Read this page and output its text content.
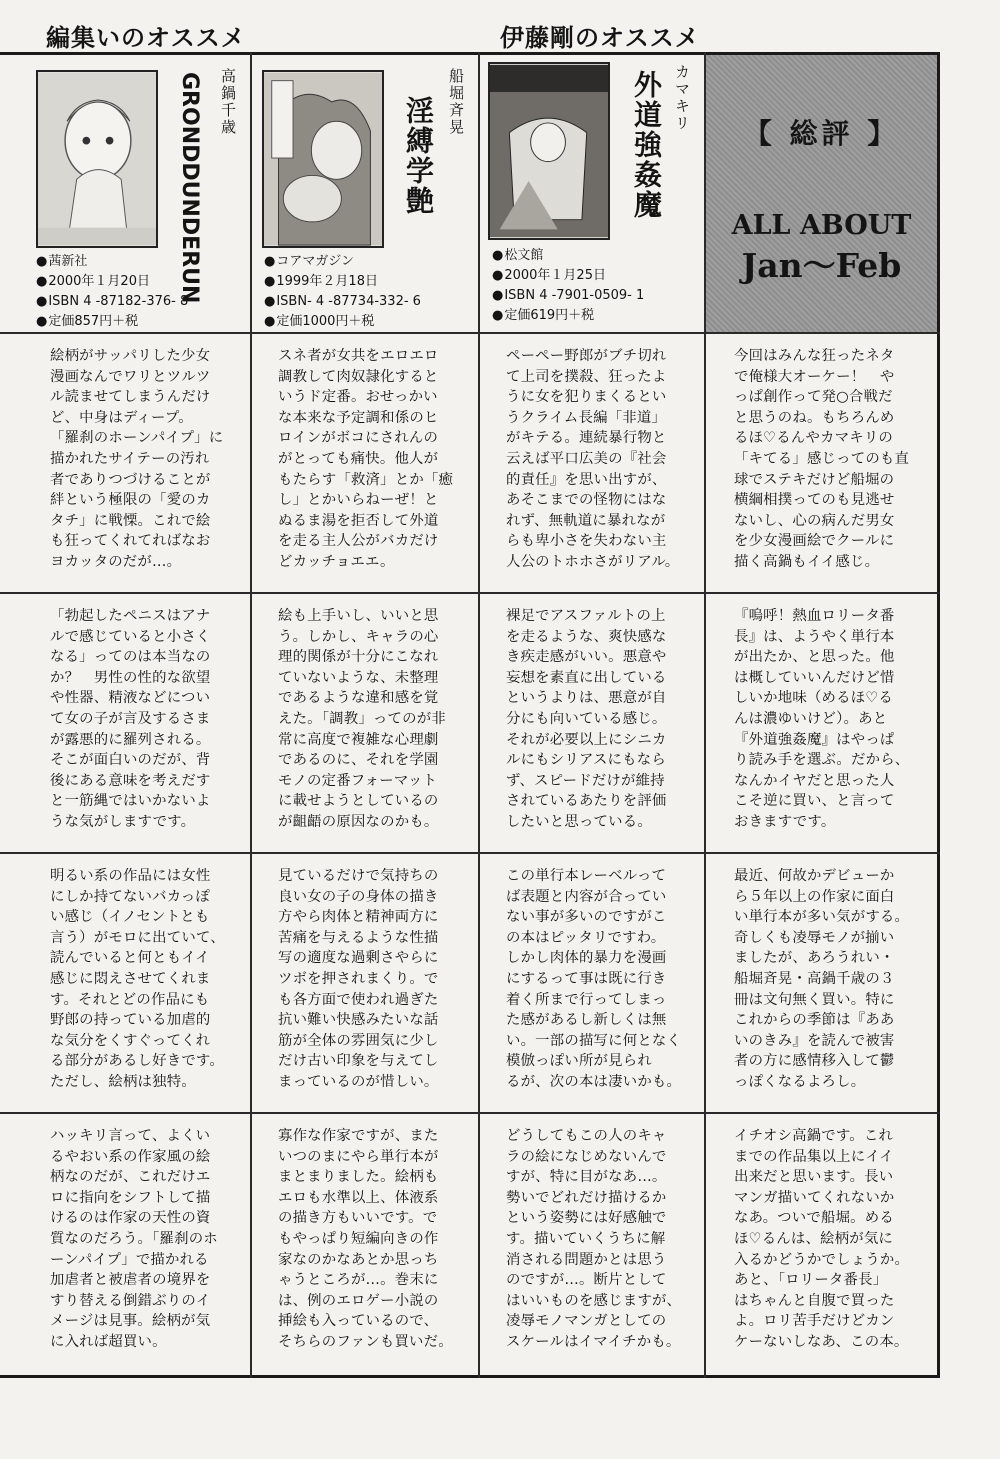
編集いのオススメ	伊藤剛のオススメ
GRONDDUNDERUN
高鍋千歳
● 茜新社
● 2000年１月20日
● ISBN 4 -87182-376- 8
● 定価857円＋税
淫縛学艶 船堀斉晃
● コアマガジン
● 1999年２月18日
● ISBN- 4 -87734-332- 6
● 定価1000円＋税
外道強姦魔 カマキリ
● 松文館
● 2000年１月25日
● ISBN 4 -7901-0509- 1
● 定価619円＋税
【 総評 】
ALL ABOUT
Jan～Feb
絵柄がサッパリした少女
漫画なんでワリとツルツ
ル読ませてしまうんだけ
ど、中身はディープ。
「羅刹のホーンパイプ」に
描かれたサイテーの汚れ
者でありつづけることが
絆という極限の「愛のカ
タチ」に戦慄。これで絵
も狂ってくれてればなお
ヨカッタのだが…。
スネ者が女共をエロエロ
調教して肉奴隷化すると
いうド定番。おせっかい
な本来な予定調和係のヒ
ロインがボコにされんの
がとっても痛快。他人が
もたらす「救済」とか「癒
し」とかいらねーぜ！と
ぬるま湯を拒否して外道
を走る主人公がバカだけ
どカッチョエエ。
ペーペー野郎がブチ切れ
て上司を撲殺、狂ったよ
うに女を犯りまくるとい
うクライム長編「非道」
がキテる。連続暴行物と
云えば平口広美の『社会
的責任』を思い出すが、
あそこまでの怪物にはな
れず、無軌道に暴れなが
らも卑小さを失わない主
人公のトホホさがリアル。
今回はみんな狂ったネタ
で俺様大オーケー！　や
っぱ創作って発○合戦だ
と思うのね。もちろんめ
るほ♡るんやカマキリの
「キてる」感じってのも直
球でステキだけど船堀の
横綱相撲ってのも見逃せ
ないし、心の病んだ男女
を少女漫画絵でクールに
描く高鍋もイイ感じ。
「勃起したペニスはアナ
ルで感じていると小さく
なる」ってのは本当なの
か？　男性の性的な欲望
や性器、精液などについ
て女の子が言及するさま
が露悪的に羅列される。
そこが面白いのだが、背
後にある意味を考えだす
と一筋縄ではいかないよ
うな気がしますです。
絵も上手いし、いいと思
う。しかし、キャラの心
理的関係が十分にこなれ
ていないような、未整理
であるような違和感を覚
えた。「調教」ってのが非
常に高度で複雑な心理劇
であるのに、それを学園
モノの定番フォーマット
に載せようとしているの
が齟齬の原因なのかも。
裸足でアスファルトの上
を走るような、爽快感な
き疾走感がいい。悪意や
妄想を素直に出している
というよりは、悪意が自
分にも向いている感じ。
それが必要以上にシニカ
ルにもシリアスにもなら
ず、スピードだけが維持
されているあたりを評価
したいと思っている。
『嗚呼！熱血ロリータ番
長』は、ようやく単行本
が出たか、と思った。他
は概していいんだけど惜
しいか地味（めるほ♡る
んは濃ゆいけど）。あと
『外道強姦魔』はやっぱ
り読み手を選ぶ。だから、
なんかイヤだと思った人
こそ逆に買い、と言って
おきますです。
明るい系の作品には女性
にしか持てないバカっぽ
い感じ（イノセントとも
言う）がモロに出ていて、
読んでいると何ともイイ
感じに悶えさせてくれま
す。それとどの作品にも
野郎の持っている加虐的
な気分をくすぐってくれ
る部分があるし好きです。
ただし、絵柄は独特。
見ているだけで気持ちの
良い女の子の身体の描き
方やら肉体と精神両方に
苦痛を与えるような性描
写の適度な過剰さやらに
ツボを押されまくり。で
も各方面で使われ過ぎた
抗い難い快感みたいな話
筋が全体の雰囲気に少し
だけ古い印象を与えてし
まっているのが惜しい。
この単行本レーベルって
ば表題と内容が合ってい
ない事が多いのですがこ
の本はピッタリですわ。
しかし肉体的暴力を漫画
にするって事は既に行き
着く所まで行ってしまっ
た感があるし新しくは無
い。一部の描写に何となく
模倣っぽい所が見られ
るが、次の本は凄いかも。
最近、何故かデビューか
ら５年以上の作家に面白
い単行本が多い気がする。
奇しくも凌辱モノが揃い
ましたが、あろうれい・
船堀斉晃・高鍋千歳の３
冊は文句無く買い。特に
これからの季節は『ああ
いのきみ』を読んで被害
者の方に感情移入して鬱
っぽくなるよろし。
ハッキリ言って、よくい
るやおい系の作家風の絵
柄なのだが、これだけエ
ロに指向をシフトして描
けるのは作家の天性の資
質なのだろう。「羅刹のホ
ーンパイプ」で描かれる
加虐者と被虐者の境界を
すり替える倒錯ぶりのイ
メージは見事。絵柄が気
に入れば超買い。
寡作な作家ですが、また
いつのまにやら単行本が
まとまりました。絵柄も
エロも水準以上、体液系
の描き方もいいです。で
もやっぱり短編向きの作
家なのかなあとか思っち
ゃうところが…。巻末に
は、例のエロゲー小説の
挿絵も入っているので、
そちらのファンも買いだ。
どうしてもこの人のキャ
ラの絵になじめないんで
すが、特に目がなあ…。
勢いでどれだけ描けるか
という姿勢には好感触で
す。描いていくうちに解
消される問題かとは思う
のですが…。断片として
はいいものを感じますが、
凌辱モノマンガとしての
スケールはイマイチかも。
イチオシ高鍋です。これ
までの作品集以上にイイ
出来だと思います。長い
マンガ描いてくれないか
なあ。ついで船堀。める
ほ♡るんは、絵柄が気に
入るかどうかでしょうか。
あと、「ロリータ番長」
はちゃんと自腹で買った
よ。ロリ苦手だけどカン
ケーないしなあ、この本。
